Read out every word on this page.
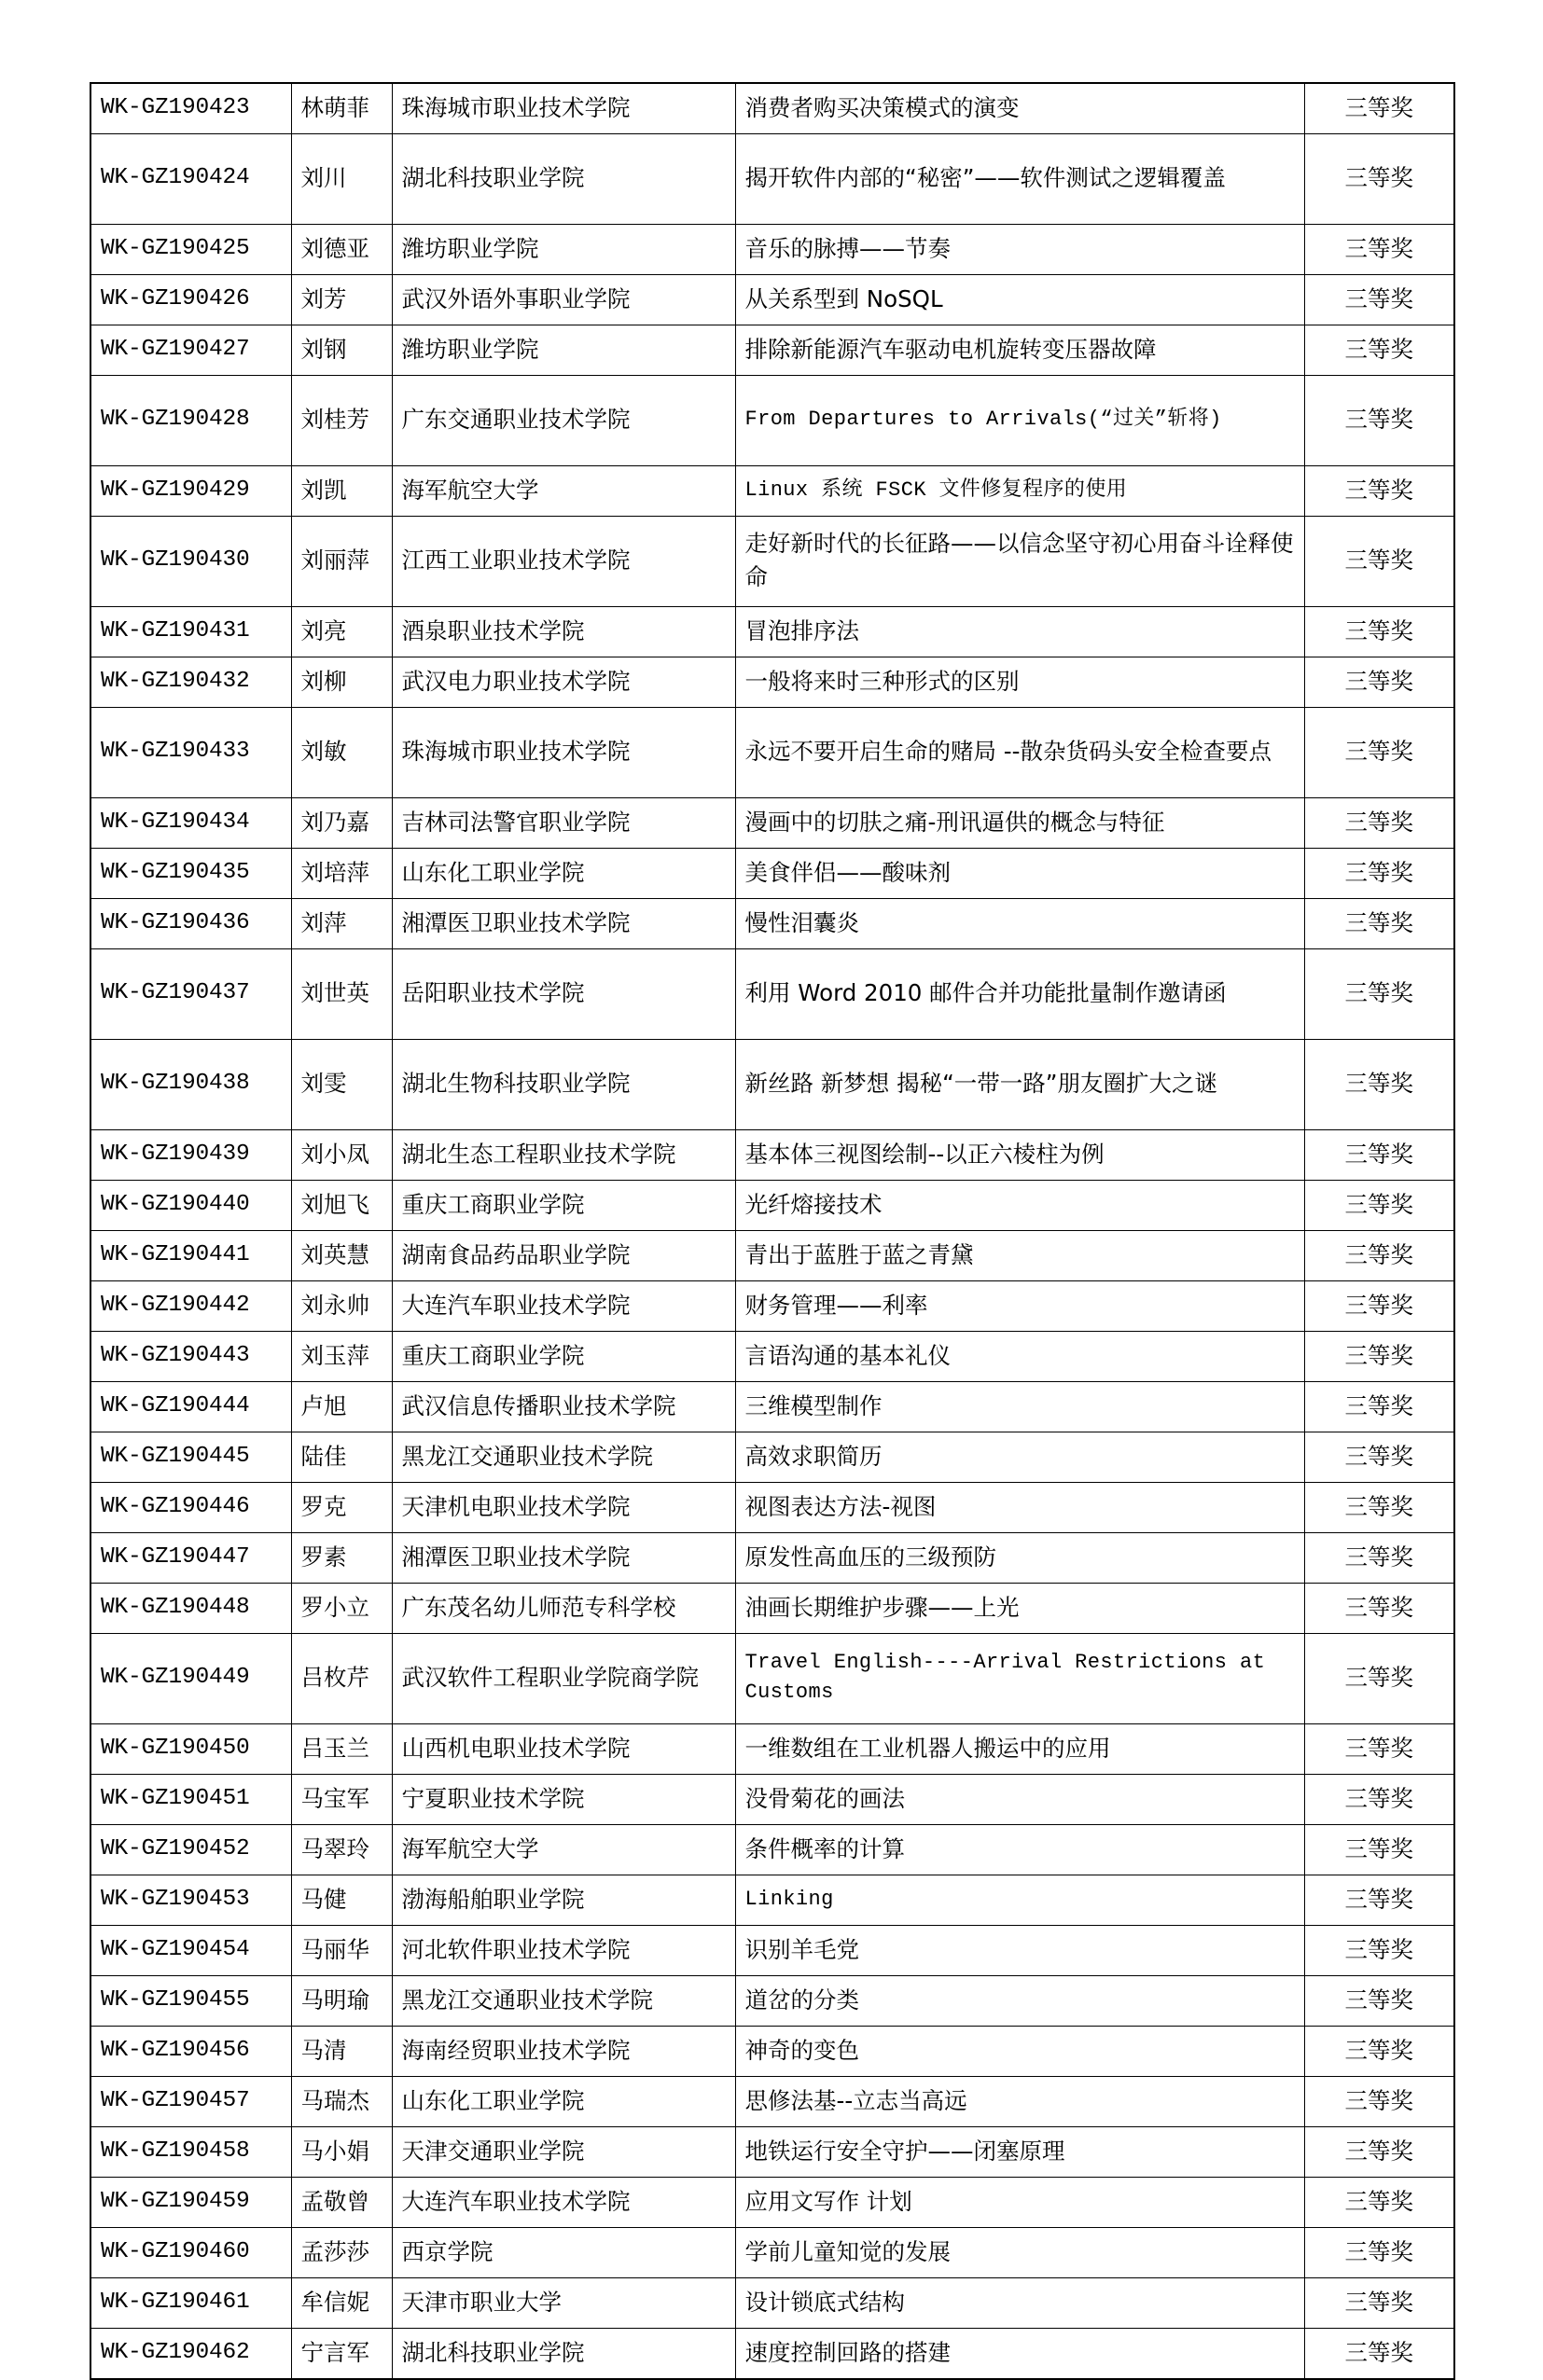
WK-GZ190423	林萌菲	珠海城市职业技术学院	消费者购买决策模式的演变	三等奖
WK-GZ190424	刘川	湖北科技职业学院	揭开软件内部的“秘密”——软件测试之逻辑覆盖	三等奖
WK-GZ190425	刘德亚	潍坊职业学院	音乐的脉搏——节奏	三等奖
WK-GZ190426	刘芳	武汉外语外事职业学院	从关系型到 NoSQL	三等奖
WK-GZ190427	刘钢	潍坊职业学院	排除新能源汽车驱动电机旋转变压器故障	三等奖
WK-GZ190428	刘桂芳	广东交通职业技术学院	From Departures to Arrivals(“过关”斩将)	三等奖
WK-GZ190429	刘凯	海军航空大学	Linux 系统 FSCK 文件修复程序的使用	三等奖
WK-GZ190430	刘丽萍	江西工业职业技术学院	走好新时代的长征路——以信念坚守初心用奋斗诠释使命	三等奖
WK-GZ190431	刘亮	酒泉职业技术学院	冒泡排序法	三等奖
WK-GZ190432	刘柳	武汉电力职业技术学院	一般将来时三种形式的区别	三等奖
WK-GZ190433	刘敏	珠海城市职业技术学院	永远不要开启生命的赌局 --散杂货码头安全检查要点	三等奖
WK-GZ190434	刘乃嘉	吉林司法警官职业学院	漫画中的切肤之痛-刑讯逼供的概念与特征	三等奖
WK-GZ190435	刘培萍	山东化工职业学院	美食伴侣——酸味剂	三等奖
WK-GZ190436	刘萍	湘潭医卫职业技术学院	慢性泪囊炎	三等奖
WK-GZ190437	刘世英	岳阳职业技术学院	利用 Word 2010 邮件合并功能批量制作邀请函	三等奖
WK-GZ190438	刘雯	湖北生物科技职业学院	新丝路 新梦想 揭秘“一带一路”朋友圈扩大之谜	三等奖
WK-GZ190439	刘小凤	湖北生态工程职业技术学院	基本体三视图绘制--以正六棱柱为例	三等奖
WK-GZ190440	刘旭飞	重庆工商职业学院	光纤熔接技术	三等奖
WK-GZ190441	刘英慧	湖南食品药品职业学院	青出于蓝胜于蓝之青黛	三等奖
WK-GZ190442	刘永帅	大连汽车职业技术学院	财务管理——利率	三等奖
WK-GZ190443	刘玉萍	重庆工商职业学院	言语沟通的基本礼仪	三等奖
WK-GZ190444	卢旭	武汉信息传播职业技术学院	三维模型制作	三等奖
WK-GZ190445	陆佳	黑龙江交通职业技术学院	高效求职简历	三等奖
WK-GZ190446	罗克	天津机电职业技术学院	视图表达方法-视图	三等奖
WK-GZ190447	罗素	湘潭医卫职业技术学院	原发性高血压的三级预防	三等奖
WK-GZ190448	罗小立	广东茂名幼儿师范专科学校	油画长期维护步骤——上光	三等奖
WK-GZ190449	吕枚芹	武汉软件工程职业学院商学院	Travel English----Arrival Restrictions at Customs	三等奖
WK-GZ190450	吕玉兰	山西机电职业技术学院	一维数组在工业机器人搬运中的应用	三等奖
WK-GZ190451	马宝军	宁夏职业技术学院	没骨菊花的画法	三等奖
WK-GZ190452	马翠玲	海军航空大学	条件概率的计算	三等奖
WK-GZ190453	马健	渤海船舶职业学院	Linking	三等奖
WK-GZ190454	马丽华	河北软件职业技术学院	识别羊毛党	三等奖
WK-GZ190455	马明瑜	黑龙江交通职业技术学院	道岔的分类	三等奖
WK-GZ190456	马清	海南经贸职业技术学院	神奇的变色	三等奖
WK-GZ190457	马瑞杰	山东化工职业学院	思修法基--立志当高远	三等奖
WK-GZ190458	马小娟	天津交通职业学院	地铁运行安全守护——闭塞原理	三等奖
WK-GZ190459	孟敬曾	大连汽车职业技术学院	应用文写作 计划	三等奖
WK-GZ190460	孟莎莎	西京学院	学前儿童知觉的发展	三等奖
WK-GZ190461	牟信妮	天津市职业大学	设计锁底式结构	三等奖
WK-GZ190462	宁言军	湖北科技职业学院	速度控制回路的搭建	三等奖
